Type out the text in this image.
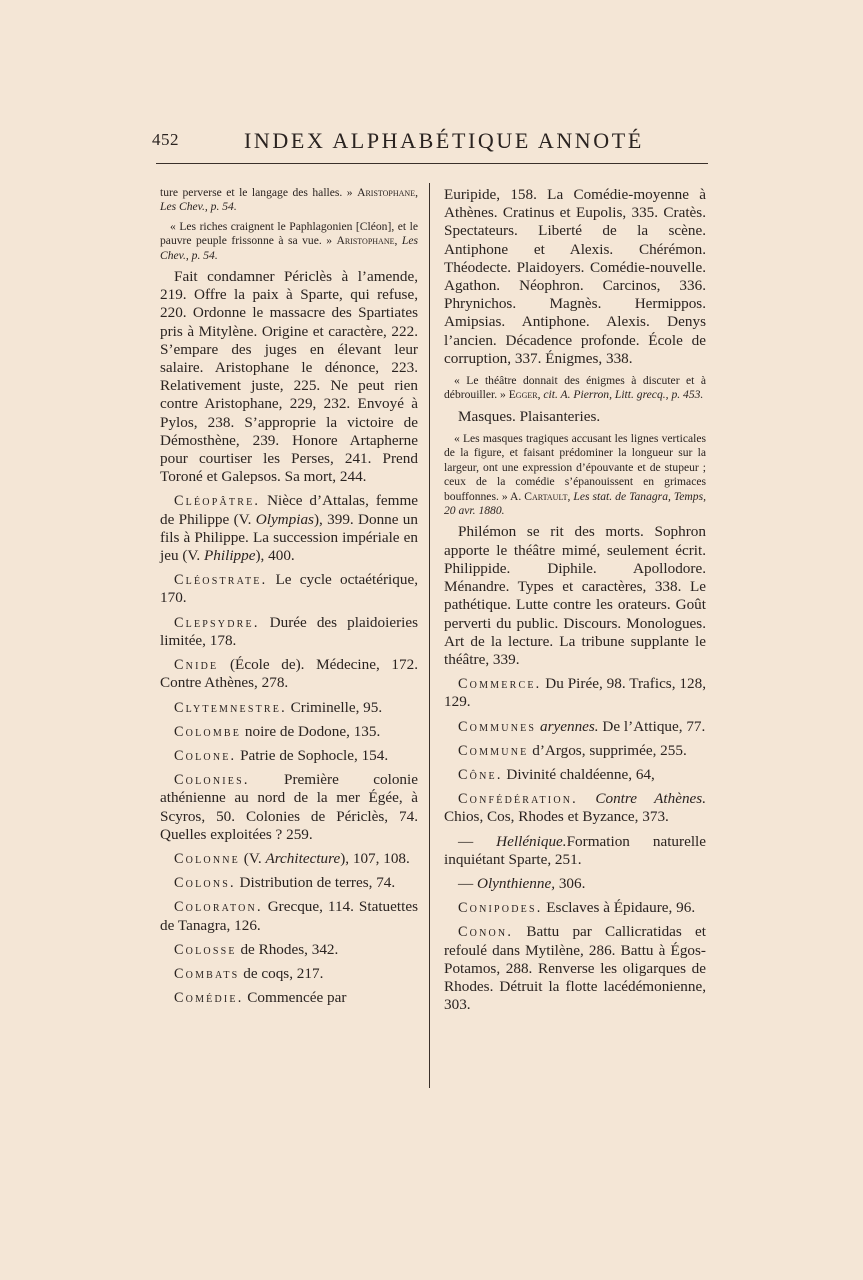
452	INDEX ALPHABÉTIQUE ANNOTÉ

ture perverse et le langage des halles. » Aristophane, Les Chev., p. 54.

« Les riches craignent le Paphlagonien [Cléon], et le pauvre peuple frissonne à sa vue. » Aristophane, Les Chev., p. 54.

Fait condamner Périclès à l’amende, 219. Offre la paix à Sparte, qui refuse, 220. Ordonne le massacre des Spartiates pris à Mitylène. Origine et caractère, 222. S’empare des juges en élevant leur salaire. Aristophane le dénonce, 223. Relativement juste, 225. Ne peut rien contre Aristophane, 229, 232. Envoyé à Pylos, 238. S’approprie la victoire de Démosthène, 239. Honore Artapherne pour courtiser les Perses, 241. Prend Toroné et Galepsos. Sa mort, 244.

Cléopâtre. Nièce d’Attalas, femme de Philippe (V. Olympias), 399. Donne un fils à Philippe. La succession impériale en jeu (V. Philippe), 400.

Cléostrate. Le cycle octaétérique, 170.

Clepsydre. Durée des plaidoieries limitée, 178.

Cnide (École de). Médecine, 172. Contre Athènes, 278.

Clytemnestre. Criminelle, 95.

Colombe noire de Dodone, 135.

Colone. Patrie de Sophocle, 154.

Colonies. Première colonie athénienne au nord de la mer Égée, à Scyros, 50. Colonies de Périclès, 74. Quelles exploitées ? 259.

Colonne (V. Architecture), 107, 108.

Colons. Distribution de terres, 74.

Coloraton. Grecque, 114. Statuettes de Tanagra, 126.

Colosse de Rhodes, 342.

Combats de coqs, 217.

Comédie. Commencée par

Euripide, 158. La Comédie-moyenne à Athènes. Cratinus et Eupolis, 335. Cratès. Spectateurs. Liberté de la scène. Antiphone et Alexis. Chérémon. Théodecte. Plaidoyers. Comédie-nouvelle. Agathon. Néophron. Carcinos, 336. Phrynichos. Magnès. Hermippos. Amipsias. Antiphone. Alexis. Denys l’ancien. Décadence profonde. École de corruption, 337. Énigmes, 338.

« Le théâtre donnait des énigmes à discuter et à débrouiller. » Egger, cit. A. Pierron, Litt. grecq., p. 453.

Masques. Plaisanteries.

« Les masques tragiques accusant les lignes verticales de la figure, et faisant prédominer la longueur sur la largeur, ont une expression d’épouvante et de stupeur ; ceux de la comédie s’épanouissent en grimaces bouffonnes. » A. Cartault, Les stat. de Tanagra, Temps, 20 avr. 1880.

Philémon se rit des morts. Sophron apporte le théâtre mimé, seulement écrit. Philippide. Diphile. Apollodore. Ménandre. Types et caractères, 338. Le pathétique. Lutte contre les orateurs. Goût perverti du public. Discours. Monologues. Art de la lecture. La tribune supplante le théâtre, 339.

Commerce. Du Pirée, 98. Trafics, 128, 129.

Communes aryennes. De l’Attique, 77.

Commune d’Argos, supprimée, 255.

Cône. Divinité chaldéenne, 64,

Confédération. Contre Athènes. Chios, Cos, Rhodes et Byzance, 373.

— Hellénique.Formation naturelle inquiétant Sparte, 251.

— Olynthienne, 306.

Conipodes. Esclaves à Épidaure, 96.

Conon. Battu par Callicratidas et refoulé dans Mytilène, 286. Battu à Égos-Potamos, 288. Renverse les oligarques de Rhodes. Détruit la flotte lacédémonienne, 303.
